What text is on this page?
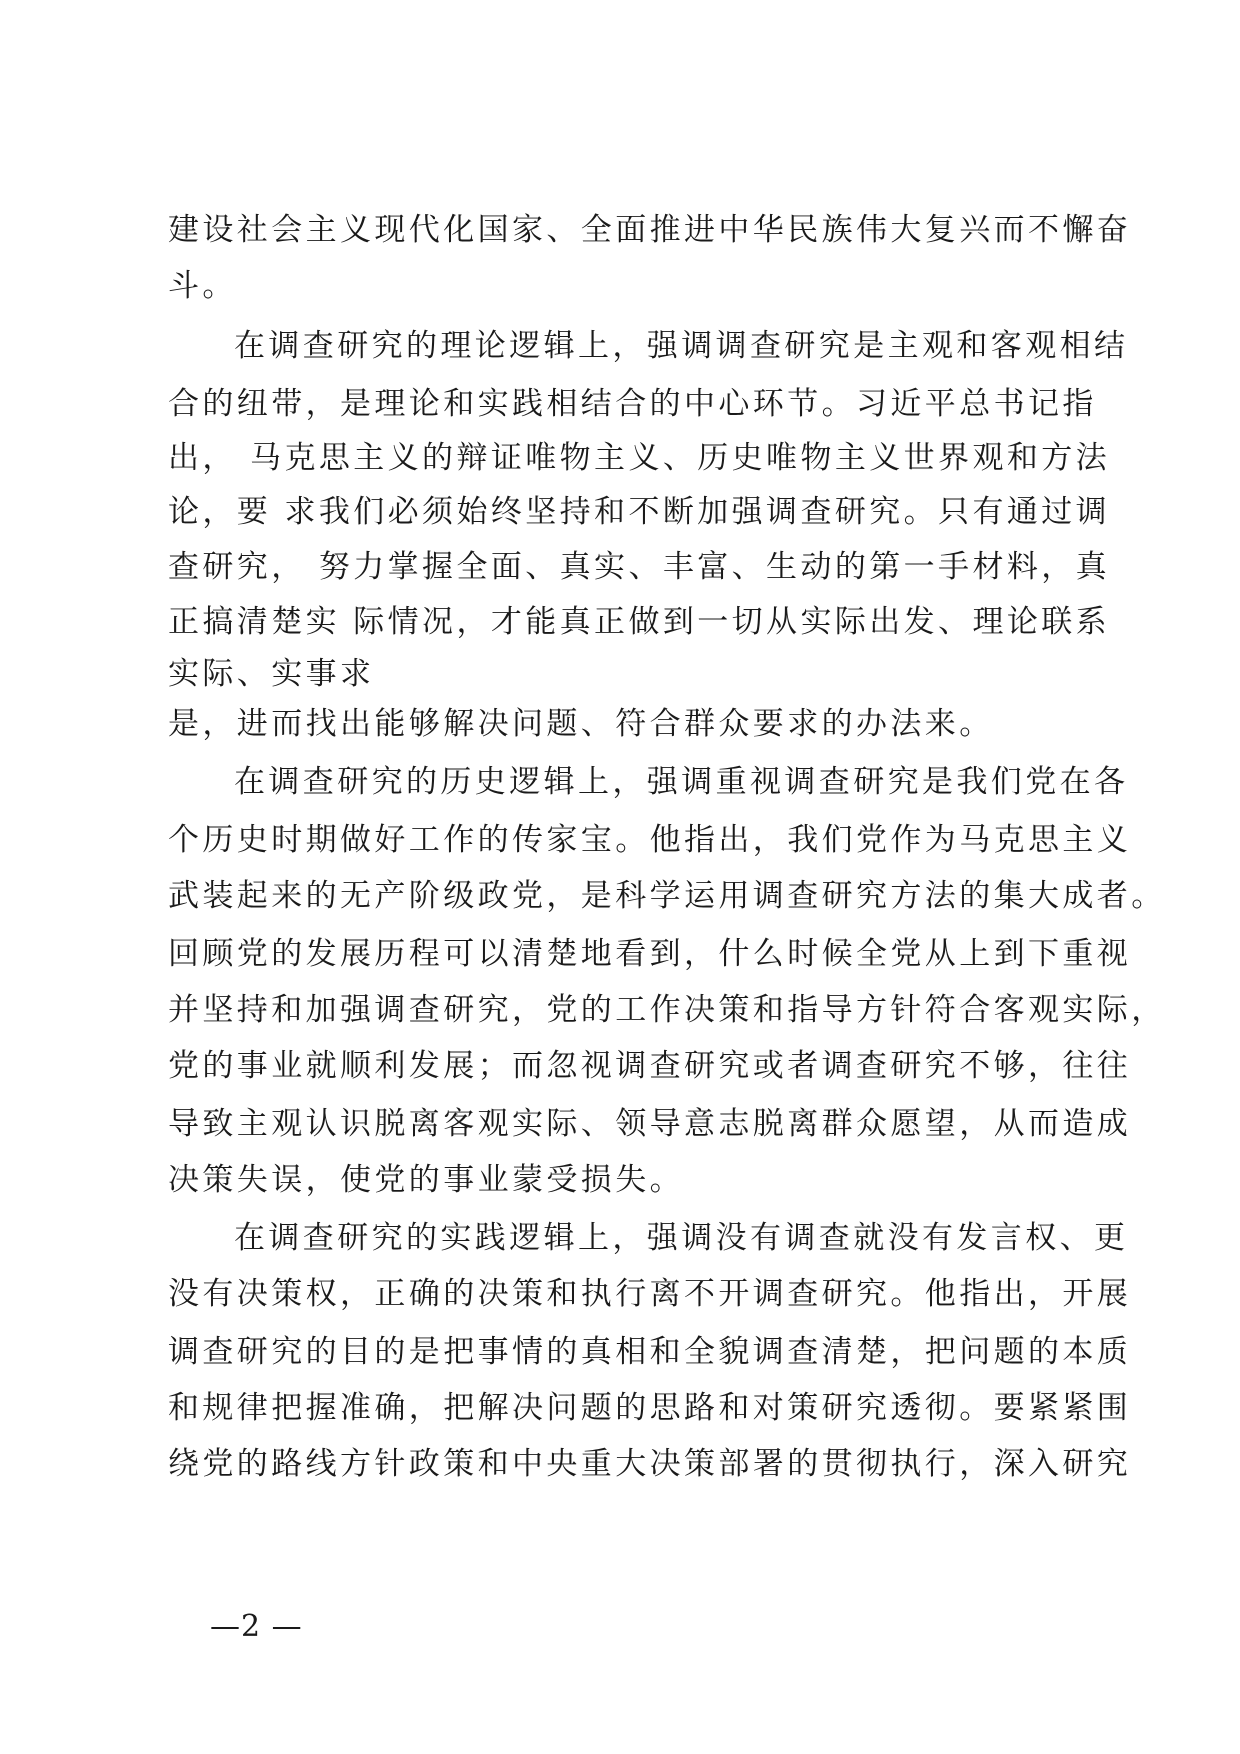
建设社会主义现代化国家、全面推进中华民族伟大复兴而不懈奋
斗。
在调查研究的理论逻辑上，强调调查研究是主观和客观相结
合的纽带，是理论和实践相结合的中心环节。习近平总书记指
出， 马克思主义的辩证唯物主义、历史唯物主义世界观和方法
论，要 求我们必须始终坚持和不断加强调查研究。只有通过调
查研究， 努力掌握全面、真实、丰富、生动的第一手材料，真
正搞清楚实 际情况，才能真正做到一切从实际出发、理论联系
实际、实事求
是，进而找出能够解决问题、符合群众要求的办法来。
在调查研究的历史逻辑上，强调重视调查研究是我们党在各
个历史时期做好工作的传家宝。他指出，我们党作为马克思主义
武装起来的无产阶级政党，是科学运用调查研究方法的集大成者。
回顾党的发展历程可以清楚地看到，什么时候全党从上到下重视
并坚持和加强调查研究，党的工作决策和指导方针符合客观实际，
党的事业就顺利发展；而忽视调查研究或者调查研究不够，往往
导致主观认识脱离客观实际、领导意志脱离群众愿望，从而造成
决策失误，使党的事业蒙受损失。
在调查研究的实践逻辑上，强调没有调查就没有发言权、更
没有决策权，正确的决策和执行离不开调查研究。他指出，开展
调查研究的目的是把事情的真相和全貌调查清楚，把问题的本质
和规律把握准确，把解决问题的思路和对策研究透彻。要紧紧围
绕党的路线方针政策和中央重大决策部署的贯彻执行，深入研究
—2 —
